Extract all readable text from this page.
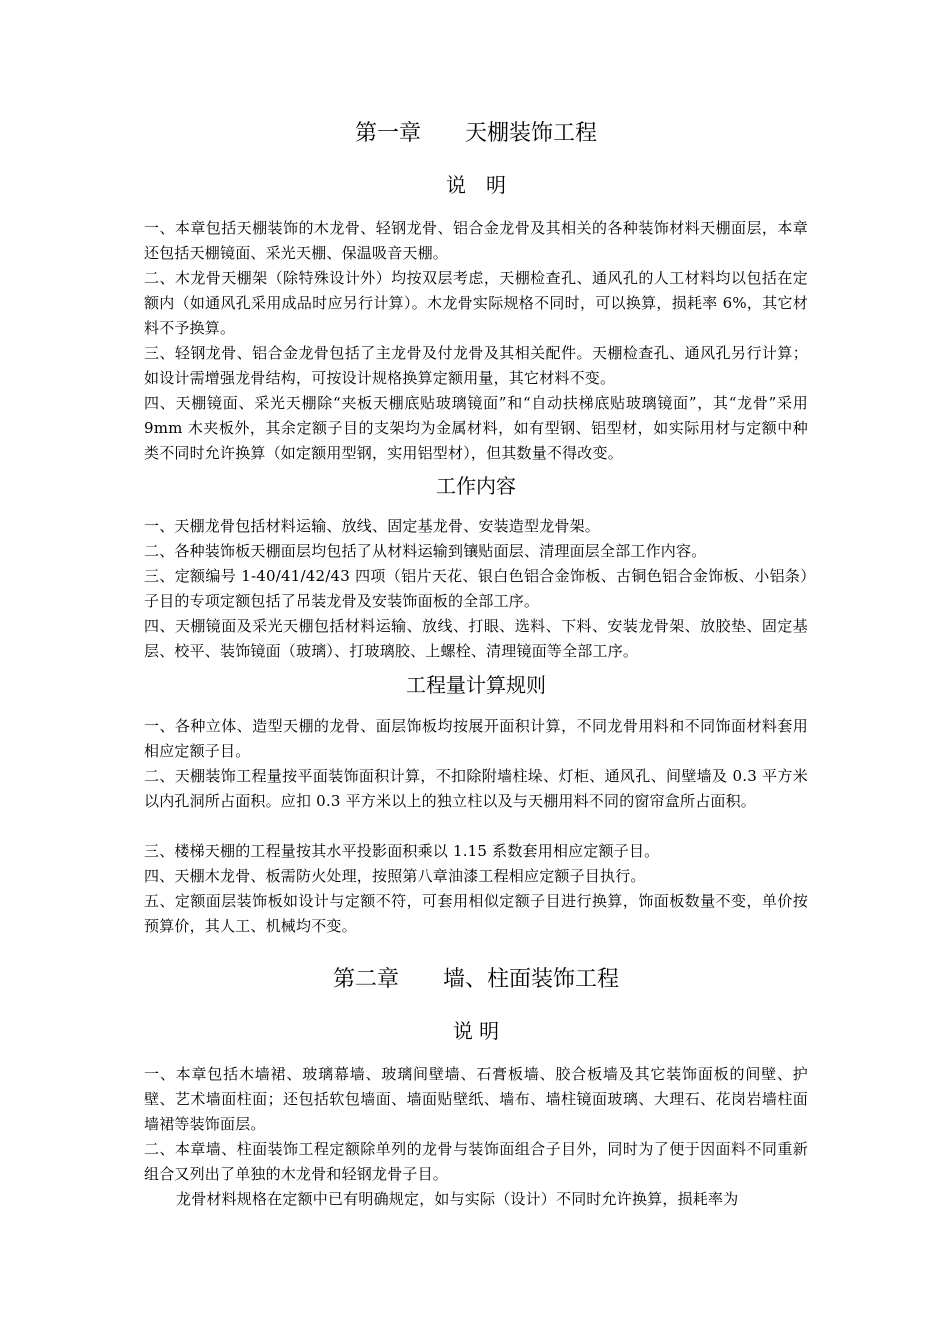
第一章　　天棚装饰工程
说　明

一、本章包括天棚装饰的木龙骨、轻钢龙骨、铝合金龙骨及其相关的各种装饰材料天棚面层，本章还包括天棚镜面、采光天棚、保温吸音天棚。

二、木龙骨天棚架（除特殊设计外）均按双层考虑，天棚检查孔、通风孔的人工材料均以包括在定额内（如通风孔采用成品时应另行计算）。木龙骨实际规格不同时，可以换算，损耗率 6%，其它材料不予换算。

三、轻钢龙骨、铝合金龙骨包括了主龙骨及付龙骨及其相关配件。天棚检查孔、通风孔另行计算；如设计需增强龙骨结构，可按设计规格换算定额用量，其它材料不变。

四、天棚镜面、采光天棚除“夹板天棚底贴玻璃镜面”和“自动扶梯底贴玻璃镜面”，其“龙骨”采用 9mm 木夹板外，其余定额子目的支架均为金属材料，如有型钢、铝型材，如实际用材与定额中种类不同时允许换算（如定额用型钢，实用铝型材），但其数量不得改变。

工作内容

一、天棚龙骨包括材料运输、放线、固定基龙骨、安装造型龙骨架。

二、各种装饰板天棚面层均包括了从材料运输到镶贴面层、清理面层全部工作内容。

三、定额编号 1-40/41/42/43 四项（铝片天花、银白色铝合金饰板、古铜色铝合金饰板、小铝条）子目的专项定额包括了吊装龙骨及安装饰面板的全部工序。

四、天棚镜面及采光天棚包括材料运输、放线、打眼、选料、下料、安装龙骨架、放胶垫、固定基层、校平、装饰镜面（玻璃）、打玻璃胶、上螺栓、清理镜面等全部工序。

工程量计算规则

一、各种立体、造型天棚的龙骨、面层饰板均按展开面积计算，不同龙骨用料和不同饰面材料套用相应定额子目。

二、天棚装饰工程量按平面装饰面积计算，不扣除附墙柱垛、灯柜、通风孔、间壁墙及 0.3 平方米以内孔洞所占面积。应扣 0.3 平方米以上的独立柱以及与天棚用料不同的窗帘盒所占面积。

三、楼梯天棚的工程量按其水平投影面积乘以 1.15 系数套用相应定额子目。

四、天棚木龙骨、板需防火处理，按照第八章油漆工程相应定额子目执行。

五、定额面层装饰板如设计与定额不符，可套用相似定额子目进行换算，饰面板数量不变，单价按预算价，其人工、机械均不变。

第二章　　墙、柱面装饰工程
说 明

一、本章包括木墙裙、玻璃幕墙、玻璃间壁墙、石膏板墙、胶合板墙及其它装饰面板的间壁、护壁、艺术墙面柱面；还包括软包墙面、墙面贴壁纸、墙布、墙柱镜面玻璃、大理石、花岗岩墙柱面墙裙等装饰面层。

二、本章墙、柱面装饰工程定额除单列的龙骨与装饰面组合子目外，同时为了便于因面料不同重新组合又列出了单独的木龙骨和轻钢龙骨子目。

龙骨材料规格在定额中已有明确规定，如与实际（设计）不同时允许换算，损耗率为
